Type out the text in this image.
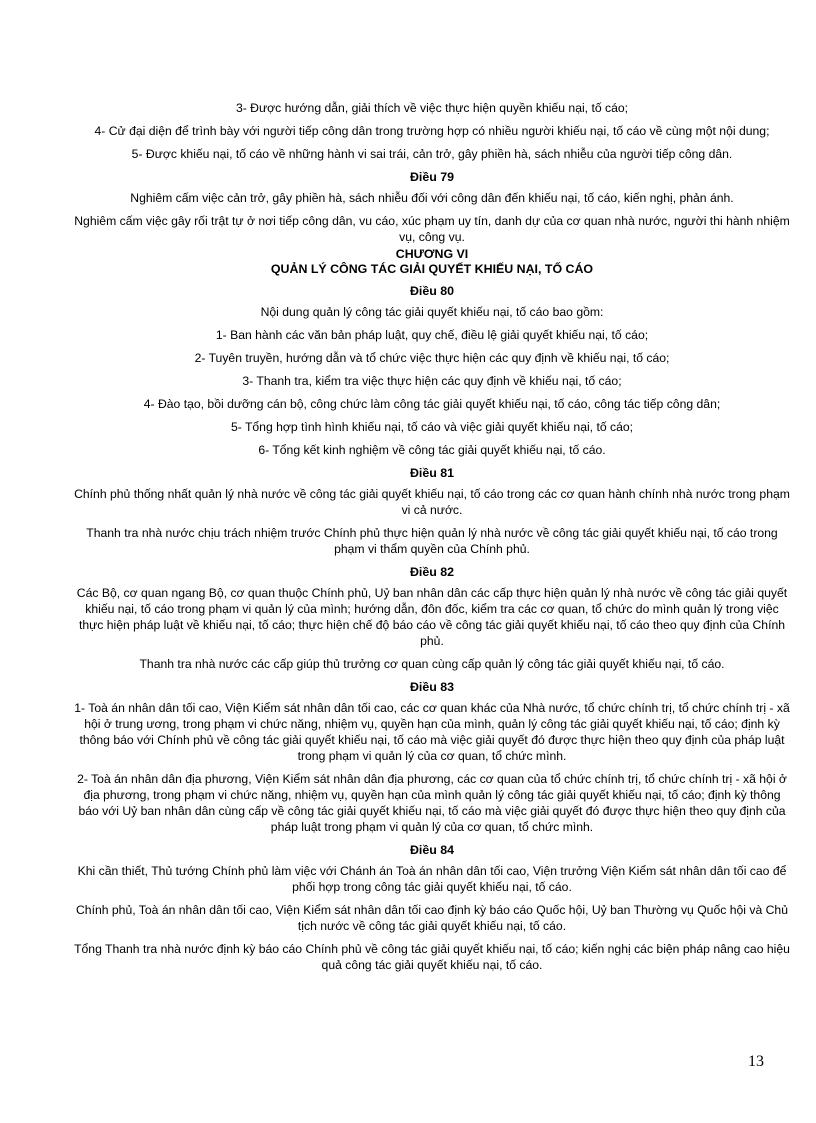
3- Được hướng dẫn, giải thích về việc thực hiện quyền khiếu nại, tố cáo;

4- Cử đại diện để trình bày với người tiếp công dân trong trường hợp có nhiều người khiếu nại, tố cáo về cùng một nội dung;

5- Được khiếu nại, tố cáo về những hành vi sai trái, cản trở, gây phiền hà, sách nhiễu của người tiếp công dân.

Điều 79

Nghiêm cấm việc cản trở, gây phiền hà, sách nhiễu đối với công dân đến khiếu nại, tố cáo, kiến nghị, phản ánh.

Nghiêm cấm việc gây rối trật tự ở nơi tiếp công dân, vu cáo, xúc phạm uy tín, danh dự của cơ quan nhà nước, người thi hành nhiệm vụ, công vụ.

CHƯƠNG VI

QUẢN LÝ CÔNG TÁC GIẢI QUYẾT KHIẾU NẠI, TỐ CÁO

Điều 80

Nội dung quản lý công tác giải quyết khiếu nại, tố cáo bao gồm:

1- Ban hành các văn bản pháp luật, quy chế, điều lệ giải quyết khiếu nại, tố cáo;

2- Tuyên truyền, hướng dẫn và tổ chức việc thực hiện các quy định về khiếu nại, tố cáo;

3- Thanh tra, kiểm tra việc thực hiện các quy định về khiếu nại, tố cáo;

4- Đào tạo, bồi dưỡng cán bộ, công chức làm công tác giải quyết khiếu nại, tố cáo, công tác tiếp công dân;

5- Tổng hợp tình hình khiếu nại, tố cáo và việc giải quyết khiếu nại, tố cáo;

6- Tổng kết kinh nghiệm về công tác giải quyết khiếu nại, tố cáo.

Điều 81

Chính phủ thống nhất quản lý nhà nước về công tác giải quyết khiếu nại, tố cáo trong các cơ quan hành chính nhà nước trong phạm vi cả nước.

Thanh tra nhà nước chịu trách nhiệm trước Chính phủ thực hiện quản lý nhà nước về công tác giải quyết khiếu nại, tố cáo trong phạm vi thẩm quyền của Chính phủ.

Điều 82

Các Bộ, cơ quan ngang Bộ, cơ quan thuộc Chính phủ, Uỷ ban nhân dân các cấp thực hiện quản lý nhà nước về công tác giải quyết khiếu nại, tố cáo trong phạm vi quản lý của mình; hướng dẫn, đôn đốc, kiểm tra các cơ quan, tổ chức do mình quản lý trong việc thực hiện pháp luật về khiếu nại, tố cáo; thực hiện chế độ báo cáo về công tác giải quyết khiếu nại, tố cáo theo quy định của Chính phủ.

Thanh tra nhà nước các cấp giúp thủ trưởng cơ quan cùng cấp quản lý công tác giải quyết khiếu nại, tố cáo.

Điều 83

1- Toà án nhân dân tối cao, Viện Kiểm sát nhân dân tối cao, các cơ quan khác của Nhà nước, tổ chức chính trị, tổ chức chính trị - xã hội ở trung ương, trong phạm vi chức năng, nhiệm vụ, quyền hạn của mình, quản lý công tác giải quyết khiếu nại, tố cáo; định kỳ thông báo với Chính phủ về công tác giải quyết khiếu nại, tố cáo mà việc giải quyết đó được thực hiện theo quy định của pháp luật trong phạm vi quản lý của cơ quan, tổ chức mình.

2- Toà án nhân dân địa phương, Viện Kiểm sát nhân dân địa phương, các cơ quan của tổ chức chính trị, tổ chức chính trị - xã hội ở địa phương, trong phạm vi chức năng, nhiệm vụ, quyền hạn của mình quản lý công tác giải quyết khiếu nại, tố cáo; định kỳ thông báo với Uỷ ban nhân dân cùng cấp về công tác giải quyết khiếu nại, tố cáo mà việc giải quyết đó được thực hiện theo quy định của pháp luật trong phạm vi quản lý của cơ quan, tổ chức mình.

Điều 84

Khi cần thiết, Thủ tướng Chính phủ làm việc với Chánh án Toà án nhân dân tối cao, Viện trưởng Viện Kiểm sát nhân dân tối cao để phối hợp trong công tác giải quyết khiếu nại, tố cáo.

Chính phủ, Toà án nhân dân tối cao, Viện Kiểm sát nhân dân tối cao định kỳ báo cáo Quốc hội, Uỷ ban Thường vụ Quốc hội và Chủ tịch nước về công tác giải quyết khiếu nại, tố cáo.

Tổng Thanh tra nhà nước định kỳ báo cáo Chính phủ về công tác giải quyết khiếu nại, tố cáo; kiến nghị các biện pháp nâng cao hiệu quả công tác giải quyết khiếu nại, tố cáo.

13
